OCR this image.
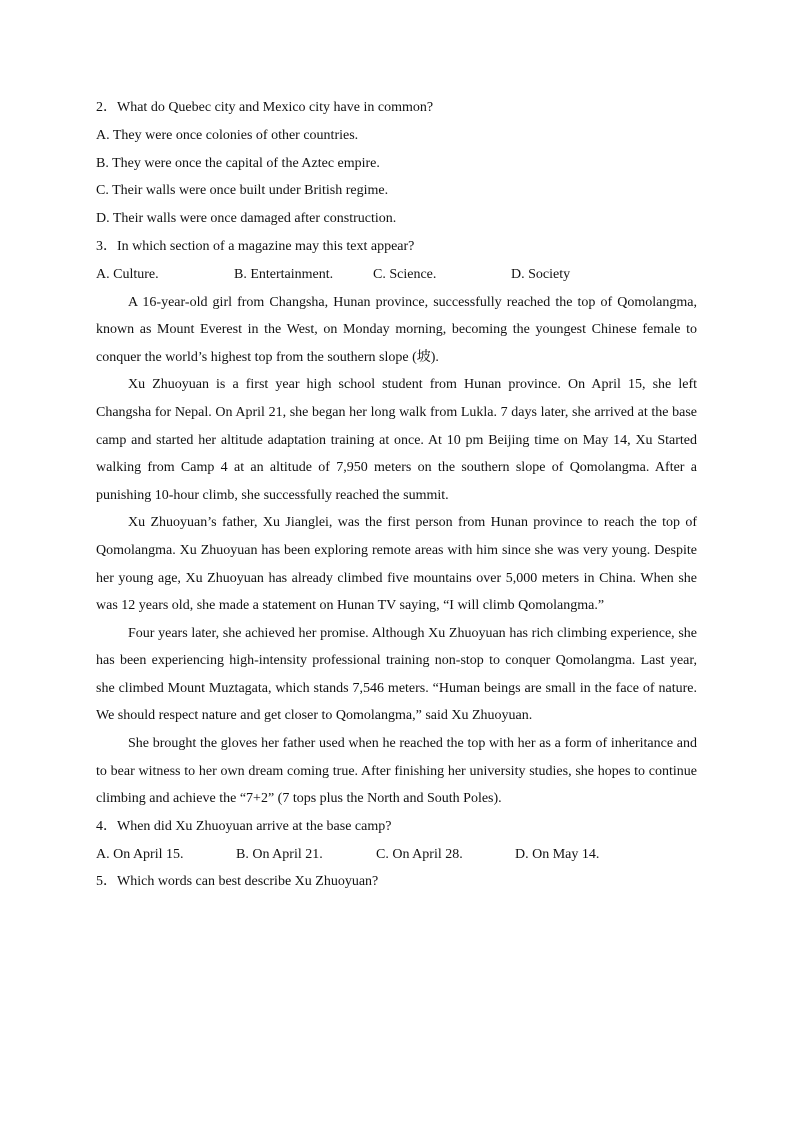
2．What do Quebec city and Mexico city have in common?
A. They were once colonies of other countries.
B. They were once the capital of the Aztec empire.
C. Their walls were once built under British regime.
D. Their walls were once damaged after construction.
3．In which section of a magazine may this text appear?
A. Culture.	B. Entertainment.	C. Science.	D. Society

A 16-year-old girl from Changsha, Hunan province, successfully reached the top of Qomolangma, known as Mount Everest in the West, on Monday morning, becoming the youngest Chinese female to conquer the world’s highest top from the southern slope (坡).

Xu Zhuoyuan is a first year high school student from Hunan province. On April 15, she left Changsha for Nepal. On April 21, she began her long walk from Lukla. 7 days later, she arrived at the base camp and started her altitude adaptation training at once. At 10 pm Beijing time on May 14, Xu Started walking from Camp 4 at an altitude of 7,950 meters on the southern slope of Qomolangma. After a punishing 10-hour climb, she successfully reached the summit.

Xu Zhuoyuan’s father, Xu Jianglei, was the first person from Hunan province to reach the top of Qomolangma. Xu Zhuoyuan has been exploring remote areas with him since she was very young. Despite her young age, Xu Zhuoyuan has already climbed five mountains over 5,000 meters in China. When she was 12 years old, she made a statement on Hunan TV saying, “I will climb Qomolangma.”

Four years later, she achieved her promise. Although Xu Zhuoyuan has rich climbing experience, she has been experiencing high-intensity professional training non-stop to conquer Qomolangma. Last year, she climbed Mount Muztagata, which stands 7,546 meters. “Human beings are small in the face of nature. We should respect nature and get closer to Qomolangma,” said Xu Zhuoyuan.

She brought the gloves her father used when he reached the top with her as a form of inheritance and to bear witness to her own dream coming true. After finishing her university studies, she hopes to continue climbing and achieve the “7+2” (7 tops plus the North and South Poles).

4．When did Xu Zhuoyuan arrive at the base camp?
A. On April 15.	B. On April 21.	C. On April 28.	D. On May 14.
5．Which words can best describe Xu Zhuoyuan?
